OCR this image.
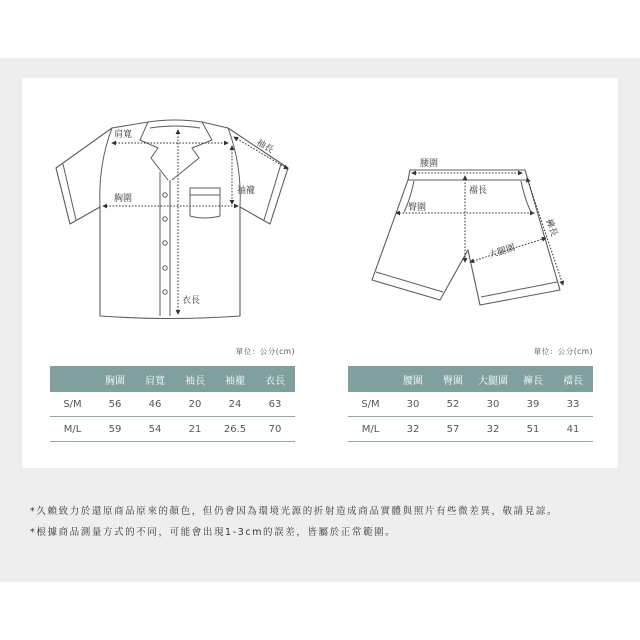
肩寬
袖長
袖襱
胸圍
衣長
腰圍
襠長
臀圍
褲長
大腿圍
單位：公分(cm)
	胸圍	肩寬	袖長	袖襱	衣長
S/M	56	46	20	24	63
M/L	59	54	21	26.5	70
單位：公分(cm)
	腰圍	臀圍	大腿圍	褲長	襠長
S/M	30	52	30	39	33
M/L	32	57	32	51	41
*久賴致力於還原商品原來的顏色，但仍會因為環境光源的折射造成商品實體與照片有些微差異，敬請見諒。
*根據商品測量方式的不同，可能會出現1-3cm的誤差，皆屬於正常範圍。
